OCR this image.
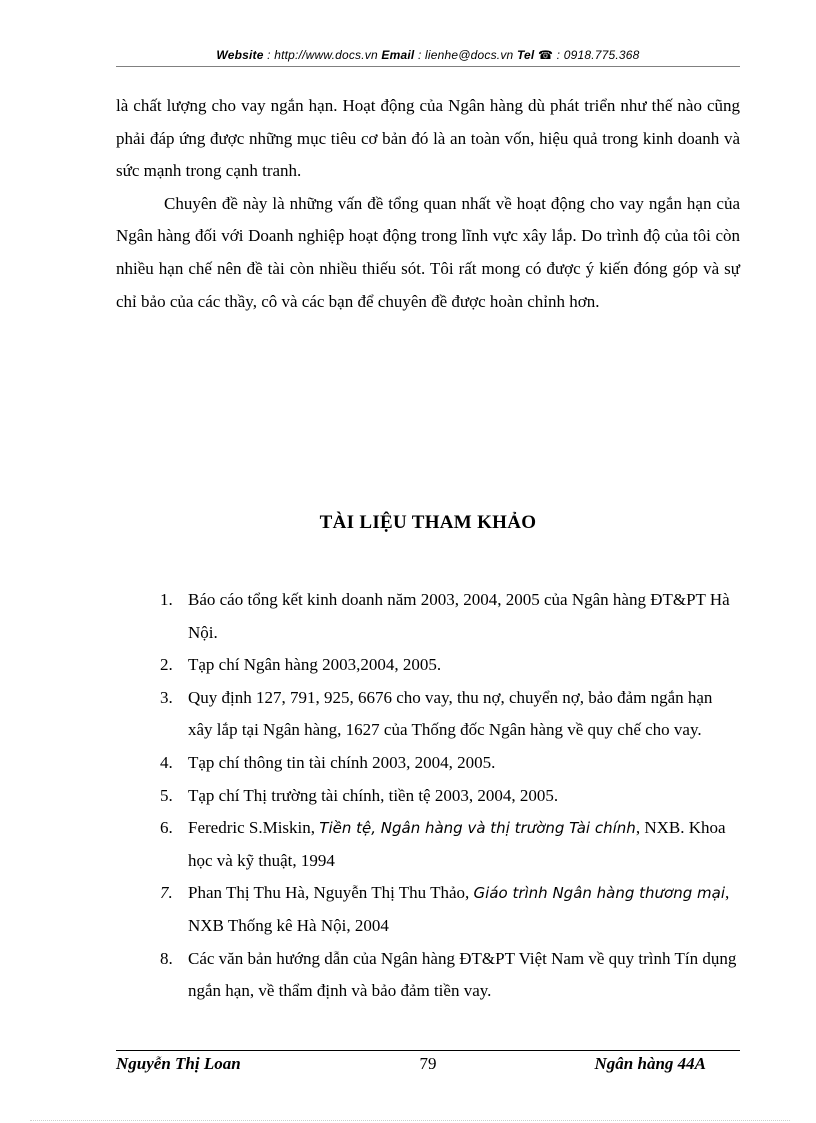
Website : http://www.docs.vn Email : lienhe@docs.vn Tel ☎ : 0918.775.368

là chất lượng cho vay ngắn hạn. Hoạt động của Ngân hàng dù phát triển như thế nào cũng phải đáp ứng được những mục tiêu cơ bản đó là an toàn vốn, hiệu quả trong kinh doanh và sức mạnh trong cạnh tranh.

Chuyên đề này là những vấn đề tổng quan nhất về hoạt động cho vay ngắn hạn của Ngân hàng đối với Doanh nghiệp hoạt động trong lĩnh vực xây lắp. Do trình độ của tôi còn nhiều hạn chế nên đề tài còn nhiều thiếu sót. Tôi rất mong có được ý kiến đóng góp và sự chỉ bảo của các thầy, cô và các bạn để chuyên đề được hoàn chỉnh hơn.

TÀI LIỆU THAM KHẢO
1. Báo cáo tổng kết kinh doanh năm 2003, 2004, 2005 của Ngân hàng ĐT&PT Hà Nội.
2. Tạp chí Ngân hàng 2003,2004, 2005.
3. Quy định 127, 791, 925, 6676 cho vay, thu nợ, chuyển nợ, bảo đảm ngắn hạn xây lắp tại Ngân hàng, 1627 của Thống đốc Ngân hàng về quy chế cho vay.
4. Tạp chí thông tin tài chính 2003, 2004, 2005.
5. Tạp chí Thị trường tài chính, tiền tệ 2003, 2004, 2005.
6. Feredric S.Miskin, Tiền tệ, Ngân hàng và thị trường Tài chính, NXB. Khoa học và kỹ thuật, 1994
7. Phan Thị Thu Hà, Nguyễn Thị Thu Thảo, Giáo trình Ngân hàng thương mại, NXB Thống kê Hà Nội, 2004
8. Các văn bản hướng dẫn của Ngân hàng ĐT&PT Việt Nam về quy trình Tín dụng ngắn hạn, về thẩm định và bảo đảm tiền vay.
Nguyễn Thị Loan	79	Ngân hàng 44A
